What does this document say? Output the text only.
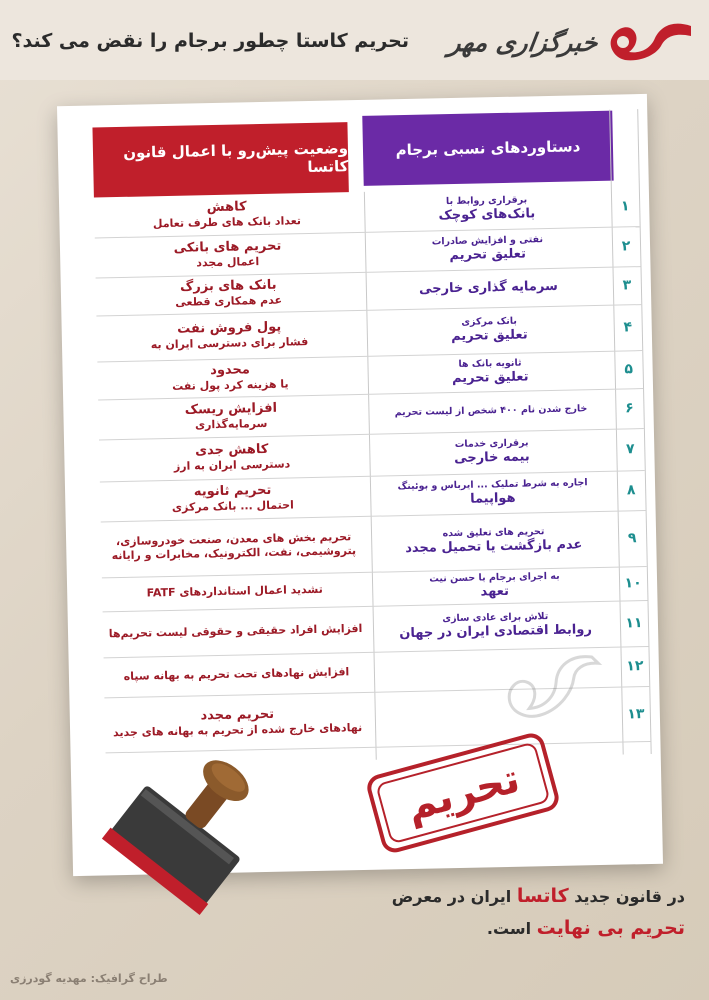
خبرگزاری مهر
تحریم کاستا چطور برجام را نقض می کند؟
دستاوردهای نسبی برجام
وضعیت پیش‌رو با اعمال قانون کاتسا
۱
برقراری روابط با
بانک‌های کوچک
کاهش
تعداد بانک های طرف تعامل
۲
نفتی و افزایش صادرات
تعلیق تحریم
تحریم های بانکی
اعمال مجدد
۳
سرمایه گذاری خارجی
بانک های بزرگ
عدم همکاری قطعی
۴
بانک مرکزی
تعلیق تحریم
پول فروش نفت
فشار برای دسترسی ایران به
۵
ثانویه بانک ها
تعلیق تحریم
محدود
یا هزینه کرد پول نفت
۶
خارج شدن نام ۴۰۰ شخص از لیست تحریم
افزایش ریسک
سرمایه‌گذاری
۷
برقراری خدمات
بیمه خارجی
کاهش جدی
دسترسی ایران به ارز
۸
اجاره به شرط تملیک ... ایرباس و بوئینگ
هواپیما
تحریم ثانویه
احتمال ... بانک مرکزی
۹
تحریم های تعلیق شده
عدم بازگشت یا تحمیل مجدد
تحریم بخش های معدن، صنعت خودروسازی، پتروشیمی، نفت، الکترونیک، مخابرات و رایانه
۱۰
به اجرای برجام با حسن نیت
تعهد
تشدید اعمال استانداردهای FATF
۱۱
تلاش برای عادی سازی
روابط اقتصادی ایران در جهان
افزایش افراد حقیقی و حقوقی لیست تحریم‌ها
۱۲
افزایش نهادهای تحت تحریم به بهانه سپاه
۱۳
تحریم مجدد
نهادهای خارج شده از تحریم به بهانه های جدید
تحریم
در قانون جدید کاتسا ایران در معرض
تحریم بی نهایت است.
طراح گرافیک: مهدیه گودرزی
